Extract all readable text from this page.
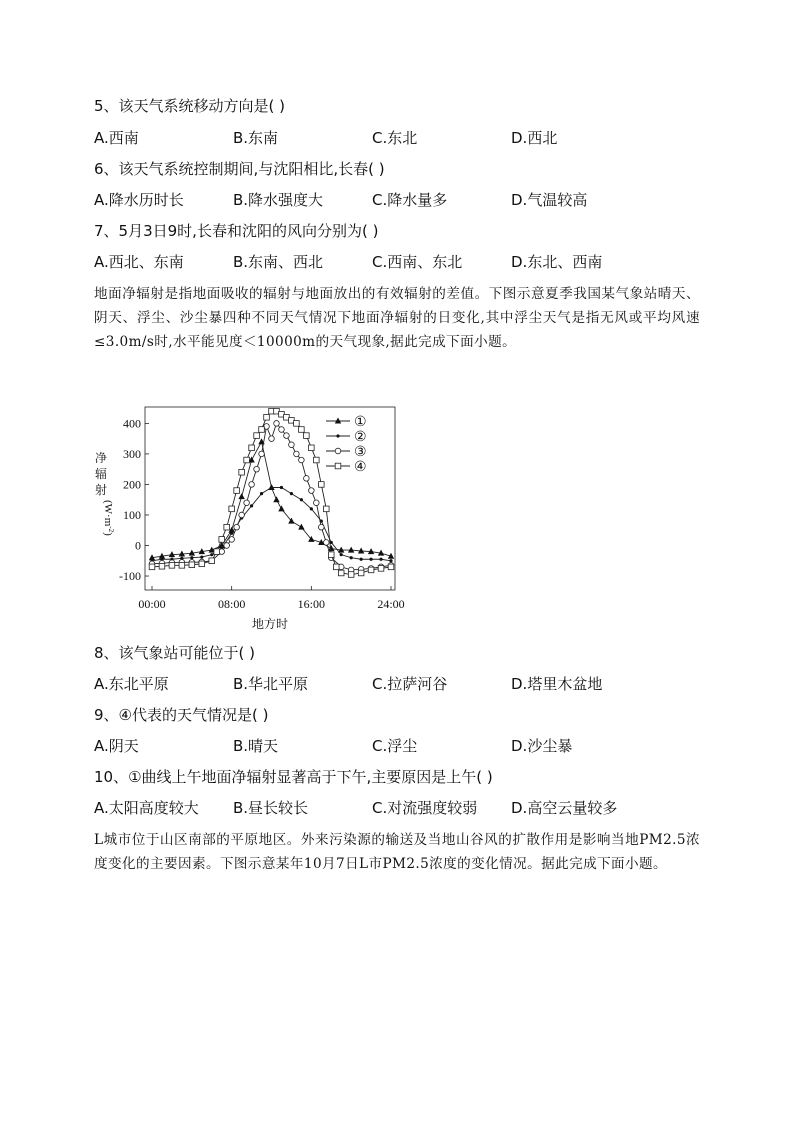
5、该天气系统移动方向是( )
A.西南	B.东南	C.东北	D.西北
6、该天气系统控制期间,与沈阳相比,长春( )
A.降水历时长	B.降水强度大	C.降水量多	D.气温较高
7、5月3日9时,长春和沈阳的风向分别为( )
A.西北、东南	B.东南、西北	C.西南、东北	D.东北、西南
地面净辐射是指地面吸收的辐射与地面放出的有效辐射的差值。下图示意夏季我国某气象站晴天、阴天、浮尘、沙尘暴四种不同天气情况下地面净辐射的日变化,其中浮尘天气是指无风或平均风速≤3.0m/s时,水平能见度＜10000m的天气现象,据此完成下面小题。
-100
0
100
200
300
400
00:00	08:00	16:00	24:00
①
②
③
④
净
辐
射
$(W\cdot m^{-2})$
地方时
8、该气象站可能位于( )
A.东北平原	B.华北平原	C.拉萨河谷	D.塔里木盆地
9、④代表的天气情况是( )
A.阴天	B.晴天	C.浮尘	D.沙尘暴
10、①曲线上午地面净辐射显著高于下午,主要原因是上午( )
A.太阳高度较大 B.昼长较长	C.对流强度较弱 D.高空云量较多
L城市位于山区南部的平原地区。外来污染源的输送及当地山谷风的扩散作用是影响当地PM2.5浓度变化的主要因素。下图示意某年10月7日L市PM2.5浓度的变化情况。据此完成下面小题。
